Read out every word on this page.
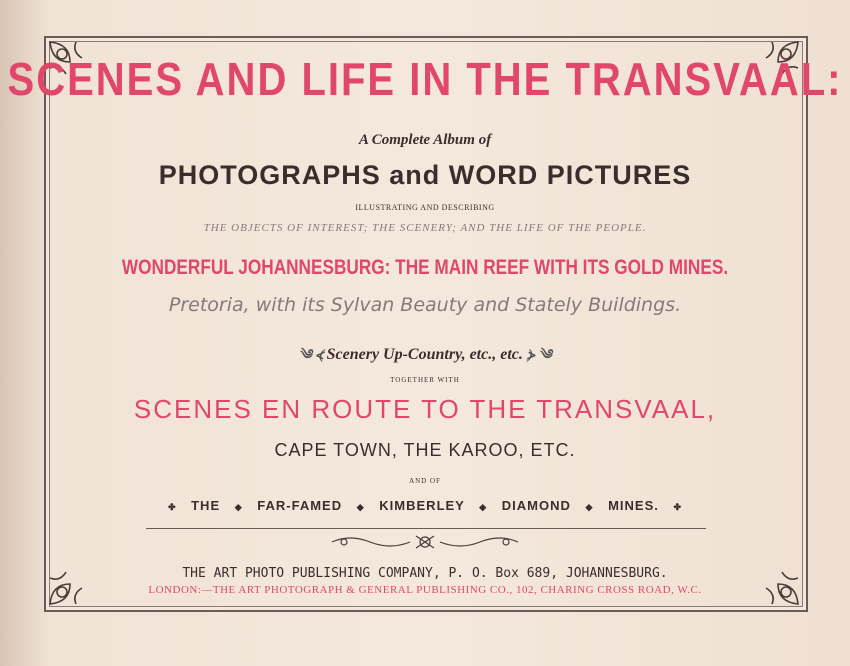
SCENES AND LIFE IN THE TRANSVAAL:
A Complete Album of
PHOTOGRAPHS and WORD PICTURES
ILLUSTRATING AND DESCRIBING
THE OBJECTS OF INTEREST; THE SCENERY; AND THE LIFE OF THE PEOPLE.
WONDERFUL JOHANNESBURG: THE MAIN REEF WITH ITS GOLD MINES.
Pretoria, with its Sylvan Beauty and Stately Buildings.
༄ ⦓ Scenery Up-Country, etc., etc. ⦔ ༄
TOGETHER WITH
SCENES EN ROUTE TO THE TRANSVAAL,
CAPE TOWN, THE KAROO, ETC.
AND OF
✤ THE ◆ FAR-FAMED ◆ KIMBERLEY ◆ DIAMOND ◆ MINES. ✤
THE ART PHOTO PUBLISHING COMPANY, P. O. Box 689, JOHANNESBURG.
LONDON:—THE ART PHOTOGRAPH & GENERAL PUBLISHING CO., 102, CHARING CROSS ROAD, W.C.
